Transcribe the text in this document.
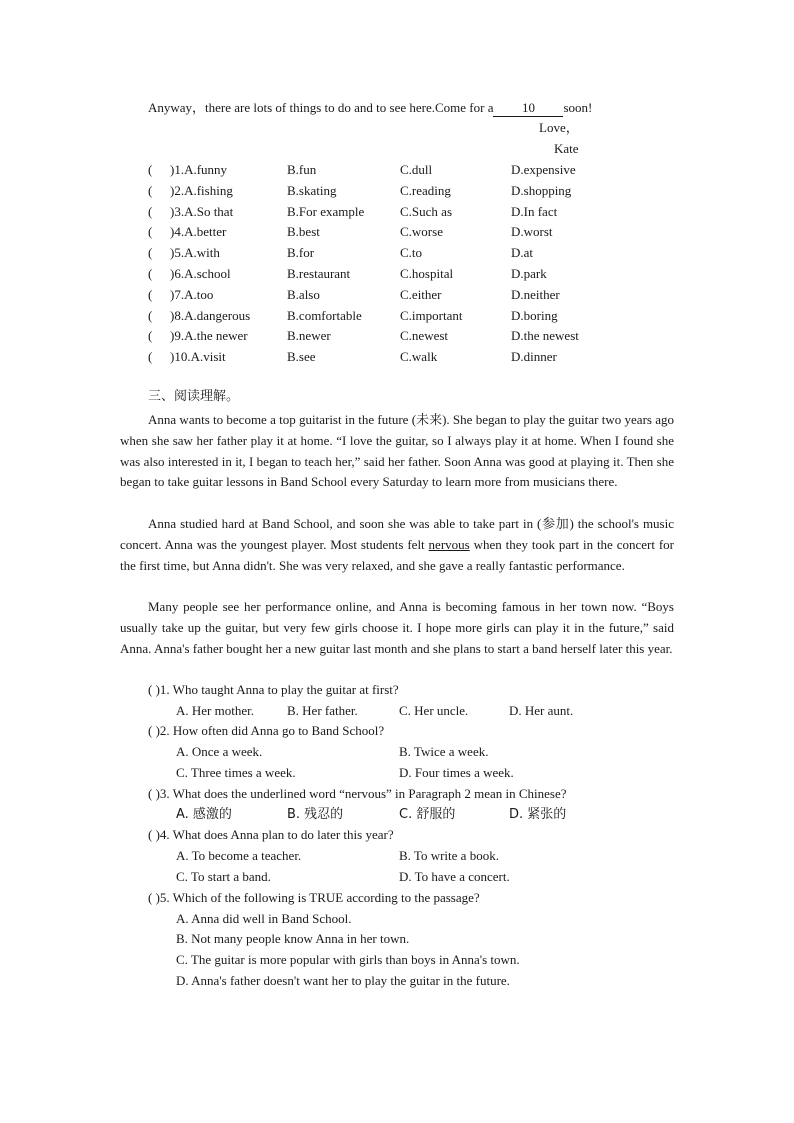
Anyway，there are lots of things to do and to see here.Come for a 10 soon!
Love，
Kate
( )1.A.funny	B.fun	C.dull	D.expensive
( )2.A.fishing	B.skating	C.reading	D.shopping
( )3.A.So that	B.For example	C.Such as	D.In fact
( )4.A.better	B.best	C.worse	D.worst
( )5.A.with	B.for	C.to	D.at
( )6.A.school	B.restaurant	C.hospital	D.park
( )7.A.too	B.also	C.either	D.neither
( )8.A.dangerous	B.comfortable	C.important	D.boring
( )9.A.the newer	B.newer	C.newest	D.the newest
( )10.A.visit	B.see	C.walk	D.dinner
三、阅读理解。
Anna wants to become a top guitarist in the future (未来). She began to play the guitar two years ago when she saw her father play it at home. “I love the guitar, so I always play it at home. When I found she was also interested in it, I began to teach her,” said her father. Soon Anna was good at playing it. Then she began to take guitar lessons in Band School every Saturday to learn more from musicians there.
Anna studied hard at Band School, and soon she was able to take part in (参加) the school's music concert. Anna was the youngest player. Most students felt nervous when they took part in the concert for the first time, but Anna didn't. She was very relaxed, and she gave a really fantastic performance.
Many people see her performance online, and Anna is becoming famous in her town now. “Boys usually take up the guitar, but very few girls choose it. I hope more girls can play it in the future,” said Anna. Anna's father bought her a new guitar last month and she plans to start a band herself later this year.
( )1. Who taught Anna to play the guitar at first?
A. Her mother.	B. Her father.	C. Her uncle.	D. Her aunt.
( )2. How often did Anna go to Band School?
A. Once a week.	B. Twice a week.
C. Three times a week.	D. Four times a week.
( )3. What does the underlined word “nervous” in Paragraph 2 mean in Chinese?
A. 感激的	B. 残忍的	C. 舒服的	D. 紧张的
( )4. What does Anna plan to do later this year?
A. To become a teacher.	B. To write a book.
C. To start a band.	D. To have a concert.
( )5. Which of the following is TRUE according to the passage?
A. Anna did well in Band School.
B. Not many people know Anna in her town.
C. The guitar is more popular with girls than boys in Anna's town.
D. Anna's father doesn't want her to play the guitar in the future.
